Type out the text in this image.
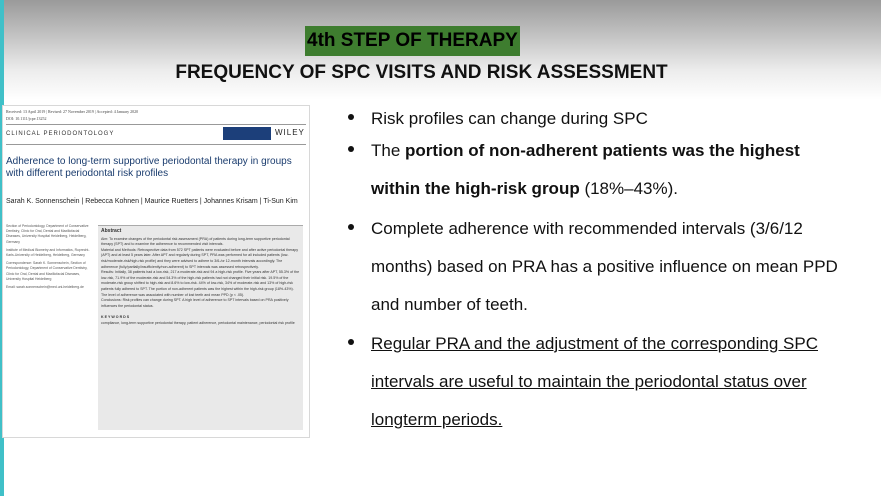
4th STEP OF THERAPY
FREQUENCY OF SPC VISITS AND RISK ASSESSMENT
Received: 13 April 2019 | Revised: 27 November 2019 | Accepted: 4 January 2020
DOI: 10.1111/jcpe.13252
CLINICAL PERIODONTOLOGY	WILEY
Adherence to long-term supportive periodontal therapy in groups with different periodontal risk profiles
Sarah K. Sonnenschein | Rebecca Kohnen | Maurice Ruetters | Johannes Krisam | Ti-Sun Kim

Section of Periodontology, Department of Conservative Dentistry, Clinic for Oral, Dental and Maxillofacial Diseases, University Hospital Heidelberg, Heidelberg, Germany

Institute of Medical Biometry and Informatics, Ruprecht-Karls-University of Heidelberg, Heidelberg, Germany

Correspondence: Sarah K. Sonnenschein, Section of Periodontology, Department of Conservative Dentistry, Clinic for Oral, Dental and Maxillofacial Diseases, University Hospital Heidelberg

Email: sarah.sonnenschein@med.uni-heidelberg.de

Abstract
Aim: To examine changes of the periodontal risk assessment (PRA) of patients during long-term supportive periodontal therapy (SPT) and to examine the adherence to recommended visit intervals.
Material and Methods: Retrospective data from 572 SPT patients were evaluated before and after active periodontal therapy (APT) and at least 5 years later. After APT and regularly during SPT, PRA was performed for all included patients (low-risk/moderate-risk/high-risk profile) and they were advised to adhere to 3/6-/or 12-month intervals accordingly. The adherence (fully/partially/insufficiently/non-adherent) to SPT intervals was assessed retrospectively.
Results: Initially, 38 patients had a low-risk, 217 a moderate-risk and 94 a high-risk profile. Five years after APT, 55.3% of the low-risk, 71.9% of the moderate-risk and 54.3% of the high-risk patients had not changed their initial risk. 19.5% of the moderate-risk group shifted to high-risk and 8.6% to low-risk. 44% of low-risk, 34% of moderate-risk and 13% of high-risk patients fully adhered to SPT. The portion of non-adherent patients was the highest within the high-risk group (18%-43%). The level of adherence was associated with number of lost teeth and mean PPD (p < .05).
Conclusions: Risk profiles can change during SPT. A high level of adherence to SPT intervals based on PRA positively influences the periodontal status.
KEYWORDS
compliance, long-term supportive periodontal therapy, patient adherence, periodontal maintenance, periodontal risk profile
Risk profiles can change during SPC
The portion of non-adherent patients was the highest within the high-risk group (18%–43%).
Complete adherence with recommended intervals (3/6/12 months) based on PRA has a positive influence on mean PPD and number of teeth.
Regular PRA and the adjustment of the corresponding SPC intervals are useful to maintain the periodontal status over longterm periods.
